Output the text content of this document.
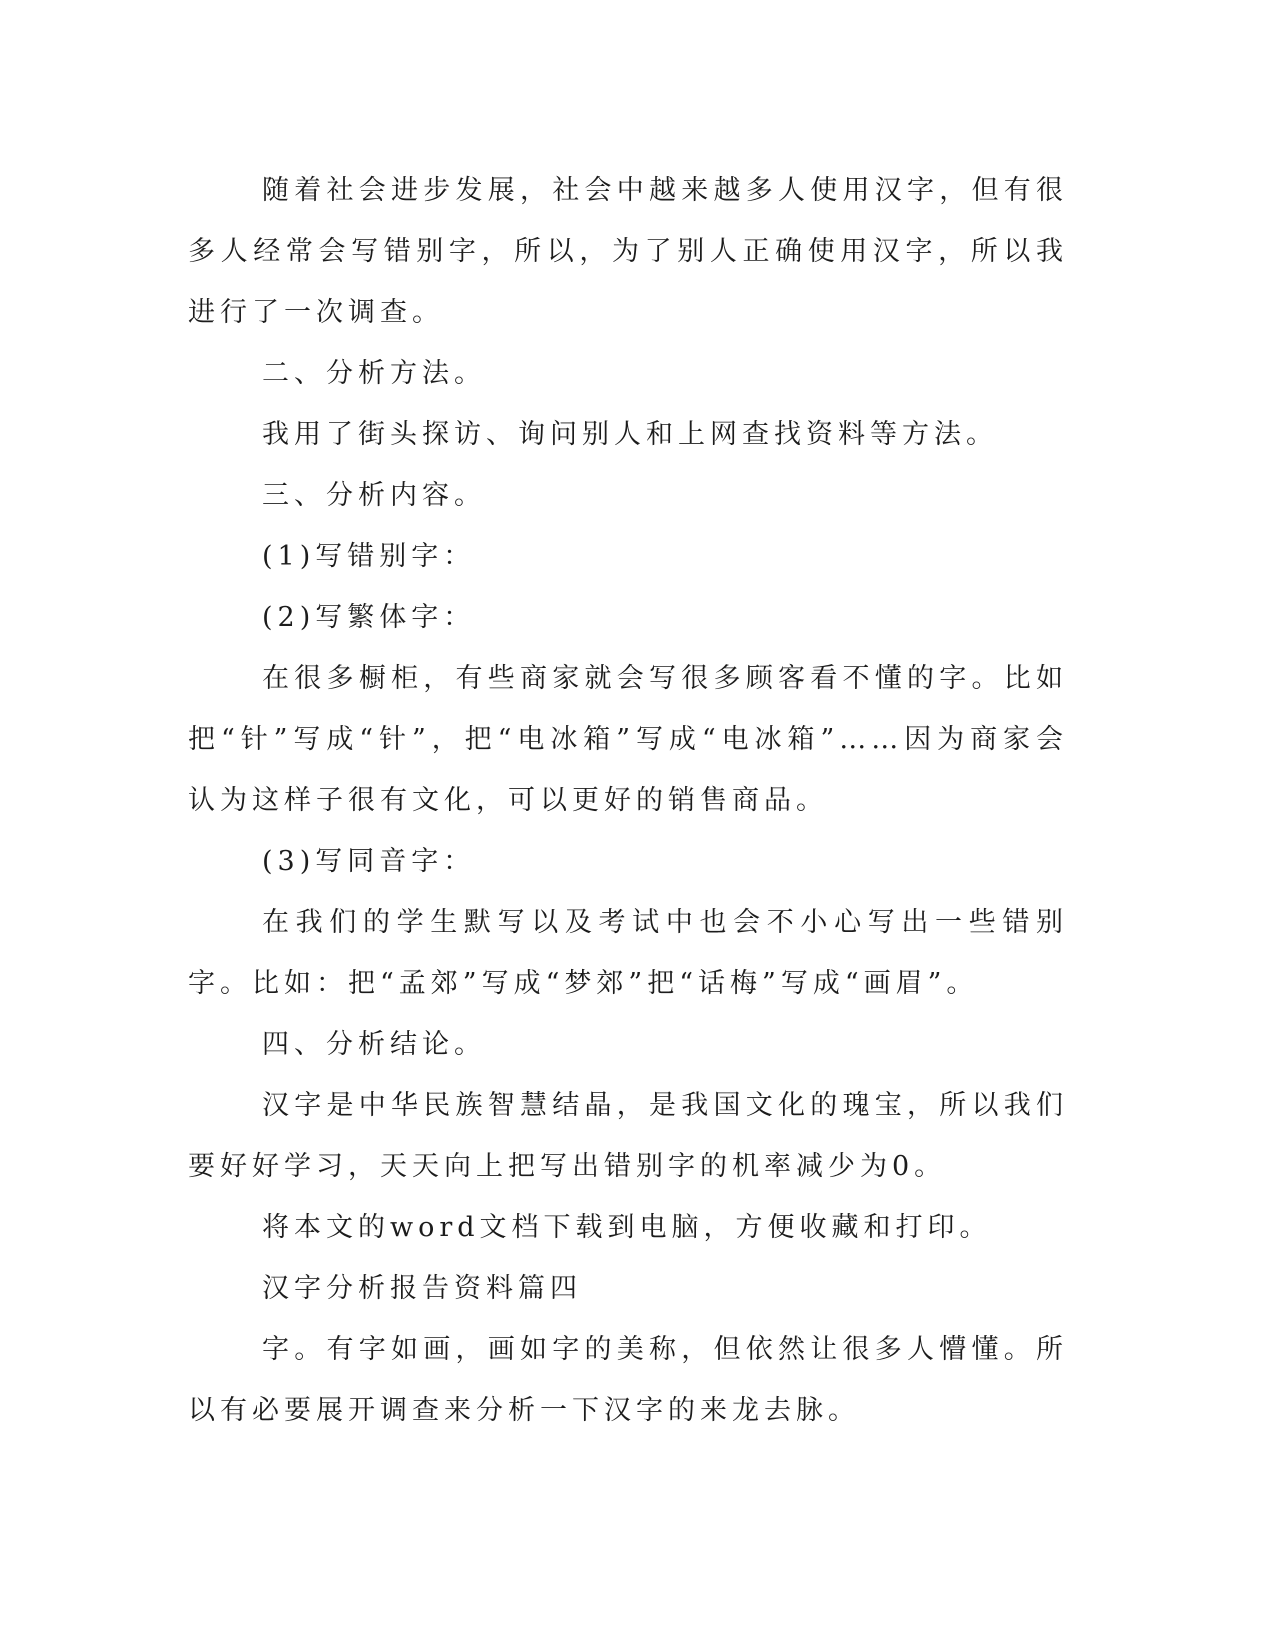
随着社会进步发展，社会中越来越多人使用汉字，但有很多人经常会写错别字，所以，为了别人正确使用汉字，所以我进行了一次调查。

二、分析方法。

我用了街头探访、询问别人和上网查找资料等方法。

三、分析内容。

(1)写错别字：

(2)写繁体字：

在很多橱柜，有些商家就会写很多顾客看不懂的字。比如把“针”写成“针”，把“电冰箱”写成“电冰箱”……因为商家会认为这样子很有文化，可以更好的销售商品。

(3)写同音字：

在我们的学生默写以及考试中也会不小心写出一些错别字。比如：把“孟郊”写成“梦郊”把“话梅”写成“画眉”。

四、分析结论。

汉字是中华民族智慧结晶，是我国文化的瑰宝，所以我们要好好学习，天天向上把写出错别字的机率减少为0。

将本文的word文档下载到电脑，方便收藏和打印。

汉字分析报告资料篇四

字。有字如画，画如字的美称，但依然让很多人懵懂。所以有必要展开调查来分析一下汉字的来龙去脉。
